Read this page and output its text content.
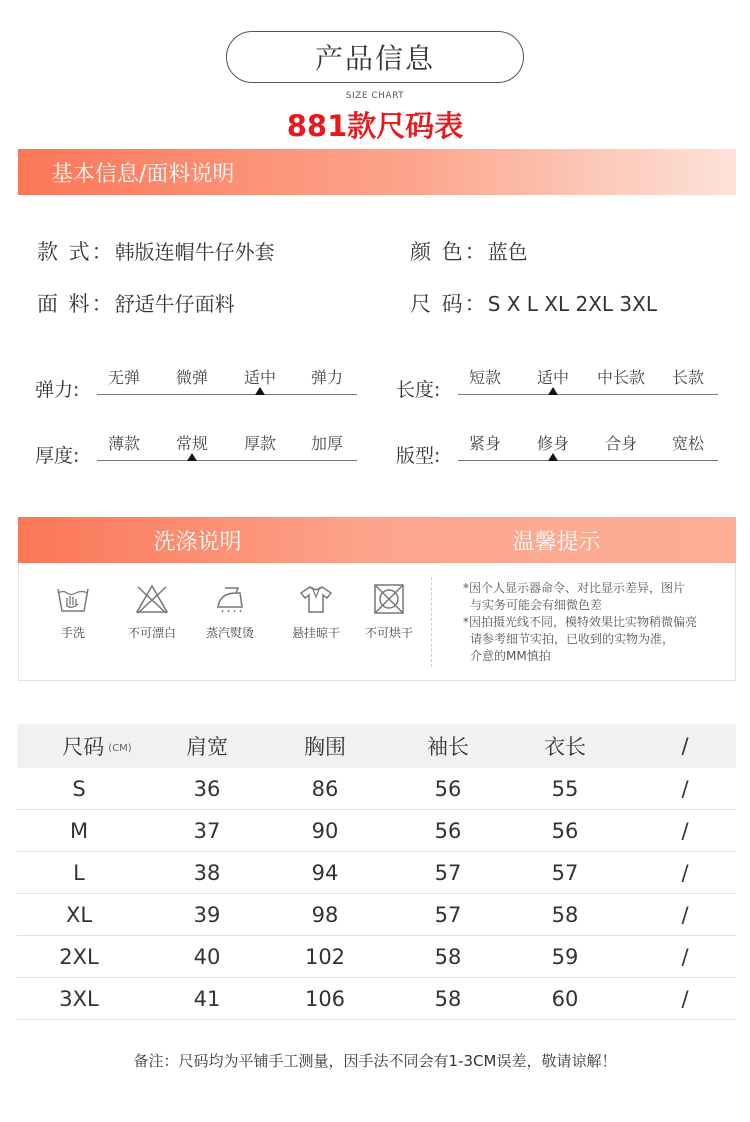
产品信息
SIZE CHART
881款尺码表
基本信息/面料说明
款 式：韩版连帽牛仔外套	颜 色：蓝色
面 料：舒适牛仔面料	尺 码：S X L XL 2XL 3XL
弹力:
无弹 微弹 适中 弹力
长度:
短款 适中 中长款 长款
厚度:
薄款 常规 厚款 加厚
版型:
紧身 修身 合身 宽松
洗涤说明	温馨提示
手洗	不可漂白	蒸汽熨烫	悬挂晾干	不可烘干

*因个人显示器命令、对比显示差异，图片

与实务可能会有细微色差

*因拍摄光线不同，模特效果比实物稍微偏亮

请参考细节实拍，已收到的实物为准，

介意的MM慎拍

尺码 (CM)	肩宽	胸围	袖长	衣长	/
S	36	86	56	55	/
M	37	90	56	56	/
L	38	94	57	57	/
XL	39	98	57	58	/
2XL	40	102	58	59	/
3XL	41	106	58	60	/
备注：尺码均为平铺手工测量，因手法不同会有1-3CM误差，敬请谅解！
